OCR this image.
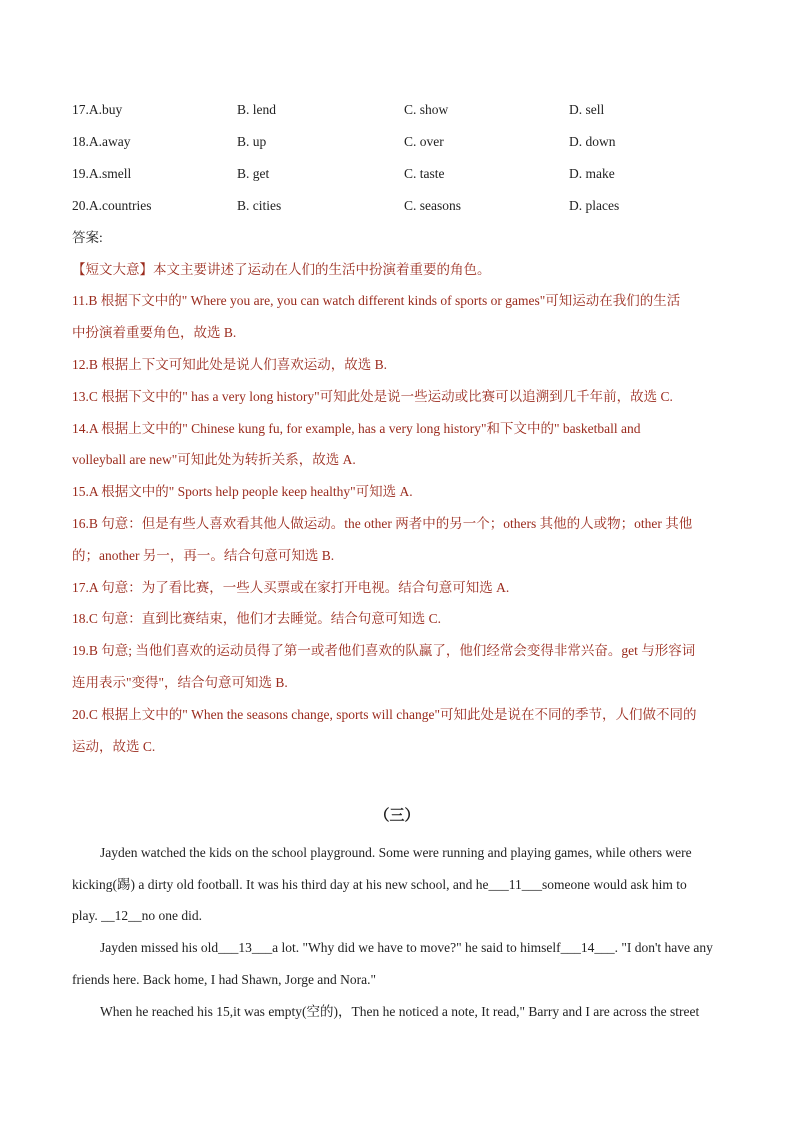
17.A.buy	B. lend	C. show	D. sell
18.A.away	B. up	C. over	D. down
19.A.smell	B. get	C. taste	D. make
20.A.countries	B. cities	C. seasons	D. places
答案:
【短文大意】本文主要讲述了运动在人们的生活中扮演着重要的角色。
11.B 根据下文中的" Where you are, you can watch different kinds of sports or games"可知运动在我们的生活
中扮演着重要角色，故选 B.
12.B 根据上下文可知此处是说人们喜欢运动，故选 B.
13.C 根据下文中的" has a very long history"可知此处是说一些运动或比赛可以追溯到几千年前，故选 C.
14.A 根据上文中的" Chinese kung fu, for example, has a very long history"和下文中的" basketball and
volleyball are new"可知此处为转折关系，故选 A.
15.A 根据文中的" Sports help people keep healthy"可知选 A.
16.B 句意：但是有些人喜欢看其他人做运动。the other 两者中的另一个；others 其他的人或物；other 其他
的；another 另一，再一。结合句意可知选 B.
17.A 句意：为了看比赛，一些人买票或在家打开电视。结合句意可知选 A.
18.C 句意：直到比赛结束，他们才去睡觉。结合句意可知选 C.
19.B 句意; 当他们喜欢的运动员得了第一或者他们喜欢的队赢了，他们经常会变得非常兴奋。get 与形容词
连用表示"变得"，结合句意可知选 B.
20.C 根据上文中的" When the seasons change, sports will change"可知此处是说在不同的季节，人们做不同的
运动，故选 C.
（三）
Jayden watched the kids on the school playground. Some were running and playing games, while others were
kicking(踢) a dirty old football. It was his third day at his new school, and he___11___someone would ask him to
play. __12__no one did.
Jayden missed his old___13___a lot. "Why did we have to move?" he said to himself___14___. "I don't have any
friends here. Back home, I had Shawn, Jorge and Nora."
When he reached his 15,it was empty(空的)，Then he noticed a note, It read," Barry and I are across the street
